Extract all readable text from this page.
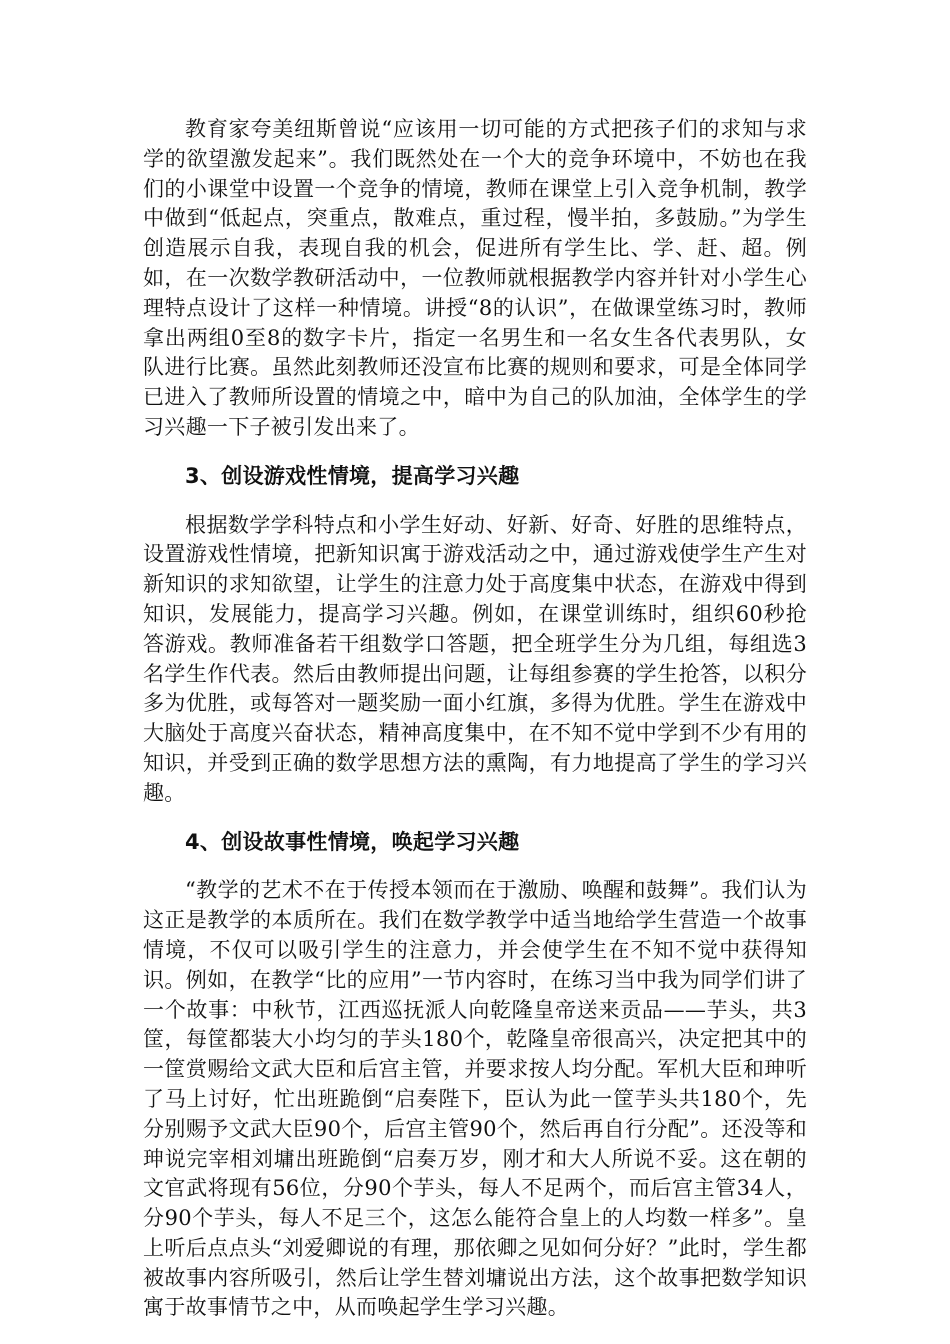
教育家夸美纽斯曾说“应该用一切可能的方式把孩子们的求知与求学的欲望激发起来”。我们既然处在一个大的竞争环境中，不妨也在我们的小课堂中设置一个竞争的情境，教师在课堂上引入竞争机制，教学中做到“低起点，突重点，散难点，重过程，慢半拍，多鼓励。”为学生创造展示自我，表现自我的机会，促进所有学生比、学、赶、超。例如，在一次数学教研活动中，一位教师就根据教学内容并针对小学生心理特点设计了这样一种情境。讲授“8的认识”，在做课堂练习时，教师拿出两组0至8的数字卡片，指定一名男生和一名女生各代表男队，女队进行比赛。虽然此刻教师还没宣布比赛的规则和要求，可是全体同学已进入了教师所设置的情境之中，暗中为自己的队加油，全体学生的学习兴趣一下子被引发出来了。

3、创设游戏性情境，提高学习兴趣

根据数学学科特点和小学生好动、好新、好奇、好胜的思维特点，设置游戏性情境，把新知识寓于游戏活动之中，通过游戏使学生产生对新知识的求知欲望，让学生的注意力处于高度集中状态，在游戏中得到知识，发展能力，提高学习兴趣。例如，在课堂训练时，组织60秒抢答游戏。教师准备若干组数学口答题，把全班学生分为几组，每组选3名学生作代表。然后由教师提出问题，让每组参赛的学生抢答，以积分多为优胜，或每答对一题奖励一面小红旗，多得为优胜。学生在游戏中大脑处于高度兴奋状态，精神高度集中，在不知不觉中学到不少有用的知识，并受到正确的数学思想方法的熏陶，有力地提高了学生的学习兴趣。

4、创设故事性情境，唤起学习兴趣

“教学的艺术不在于传授本领而在于激励、唤醒和鼓舞”。我们认为这正是教学的本质所在。我们在数学教学中适当地给学生营造一个故事情境，不仅可以吸引学生的注意力，并会使学生在不知不觉中获得知识。例如，在教学“比的应用”一节内容时，在练习当中我为同学们讲了一个故事：中秋节，江西巡抚派人向乾隆皇帝送来贡品——芋头，共3筐，每筐都装大小均匀的芋头180个，乾隆皇帝很高兴，决定把其中的一筐赏赐给文武大臣和后宫主管，并要求按人均分配。军机大臣和珅听了马上讨好，忙出班跪倒“启奏陛下，臣认为此一筐芋头共180个，先分别赐予文武大臣90个，后宫主管90个，然后再自行分配”。还没等和珅说完宰相刘墉出班跪倒“启奏万岁，刚才和大人所说不妥。这在朝的文官武将现有56位，分90个芋头，每人不足两个，而后宫主管34人，分90个芋头，每人不足三个，这怎么能符合皇上的人均数一样多”。皇上听后点点头“刘爱卿说的有理，那依卿之见如何分好？”此时，学生都被故事内容所吸引，然后让学生替刘墉说出方法，这个故事把数学知识寓于故事情节之中，从而唤起学生学习兴趣。
